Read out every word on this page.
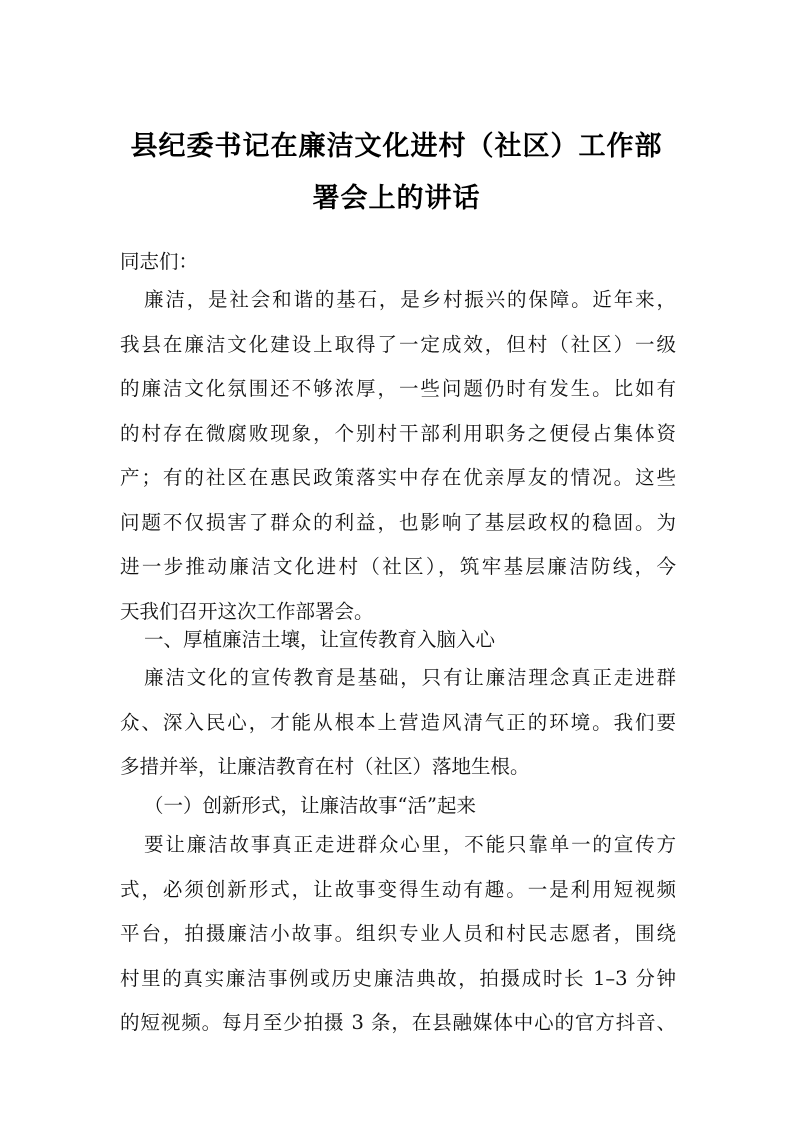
县纪委书记在廉洁文化进村（社区）工作部
署会上的讲话
同志们：
廉洁，是社会和谐的基石，是乡村振兴的保障。近年来，
我县在廉洁文化建设上取得了一定成效，但村（社区）一级
的廉洁文化氛围还不够浓厚，一些问题仍时有发生。比如有
的村存在微腐败现象，个别村干部利用职务之便侵占集体资
产；有的社区在惠民政策落实中存在优亲厚友的情况。这些
问题不仅损害了群众的利益，也影响了基层政权的稳固。为
进一步推动廉洁文化进村（社区），筑牢基层廉洁防线，今
天我们召开这次工作部署会。
一、厚植廉洁土壤，让宣传教育入脑入心
廉洁文化的宣传教育是基础，只有让廉洁理念真正走进群
众、深入民心，才能从根本上营造风清气正的环境。我们要
多措并举，让廉洁教育在村（社区）落地生根。
（一）创新形式，让廉洁故事“活”起来
要让廉洁故事真正走进群众心里，不能只靠单一的宣传方
式，必须创新形式，让故事变得生动有趣。一是利用短视频
平台，拍摄廉洁小故事。组织专业人员和村民志愿者，围绕
村里的真实廉洁事例或历史廉洁典故，拍摄成时长 1–3 分钟
的短视频。每月至少拍摄 3 条，在县融媒体中心的官方抖音、
